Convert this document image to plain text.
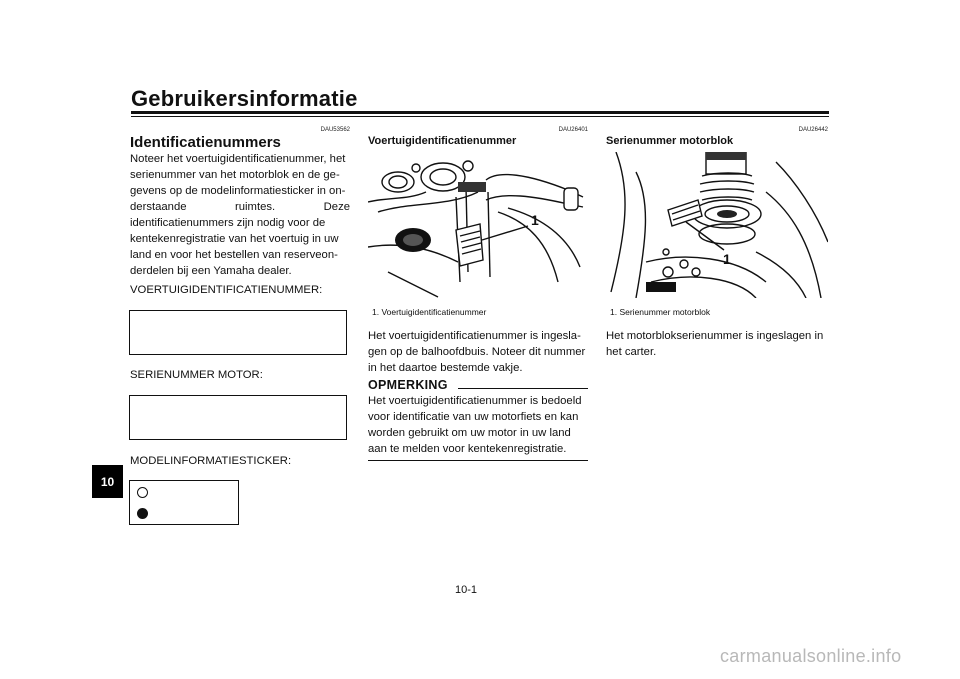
Gebruikersinformatie
10
DAU53562
Identificatienummers
Noteer het voertuigidentificatienummer, het
serienummer van het motorblok en de ge-
gevens op de modelinformatiesticker in on-
derstaande	ruimtes.	Deze
identificatienummers zijn nodig voor de
kentekenregistratie van het voertuig in uw
land en voor het bestellen van reserveon-
derdelen bij een Yamaha dealer.
VOERTUIGIDENTIFICATIENUMMER:
SERIENUMMER MOTOR:
MODELINFORMATIESTICKER:
DAU26401
Voertuigidentificatienummer
1
1. Voertuigidentificatienummer
Het voertuigidentificatienummer is ingesla-
gen op de balhoofdbuis. Noteer dit nummer
in het daartoe bestemde vakje.
OPMERKING
Het voertuigidentificatienummer is bedoeld
voor identificatie van uw motorfiets en kan
worden gebruikt om uw motor in uw land
aan te melden voor kentekenregistratie.
DAU26442
Serienummer motorblok
1
1. Serienummer motorblok
Het motorblokserienummer is ingeslagen in
het carter.
10-1
carmanualsonline.info
